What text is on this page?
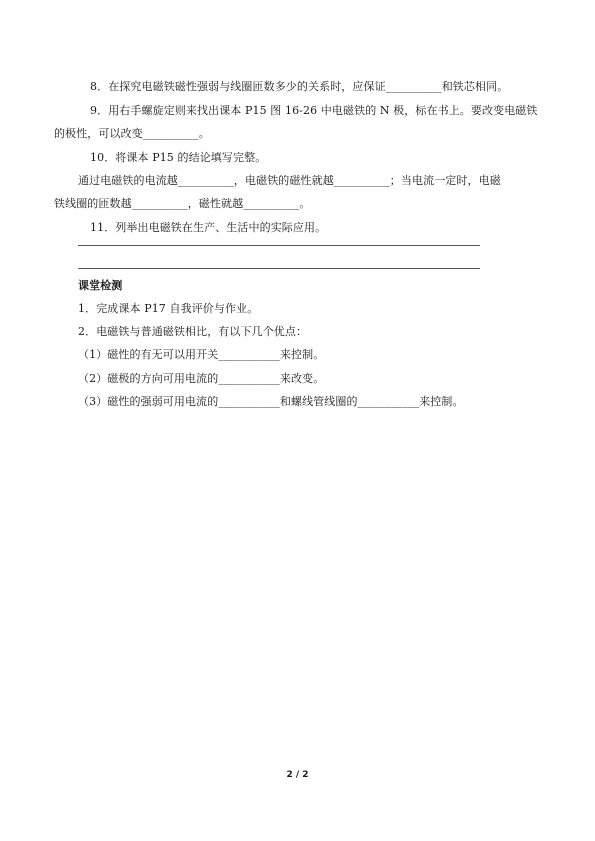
8．在探究电磁铁磁性强弱与线圈匝数多少的关系时，应保证__________和铁芯相同。
9．用右手螺旋定则来找出课本 P15 图 16-26 中电磁铁的 N 极，标在书上。要改变电磁铁
的极性，可以改变__________。
10．将课本 P15 的结论填写完整。
通过电磁铁的电流越__________，电磁铁的磁性就越__________；当电流一定时，电磁
铁线圈的匝数越__________，磁性就越__________。
11．列举出电磁铁在生产、生活中的实际应用。
课堂检测
1．完成课本 P17 自我评价与作业。
2．电磁铁与普通磁铁相比，有以下几个优点：
（1）磁性的有无可以用开关___________来控制。
（2）磁极的方向可用电流的___________来改变。
（3）磁性的强弱可用电流的___________和螺线管线圈的___________来控制。
2 / 2
